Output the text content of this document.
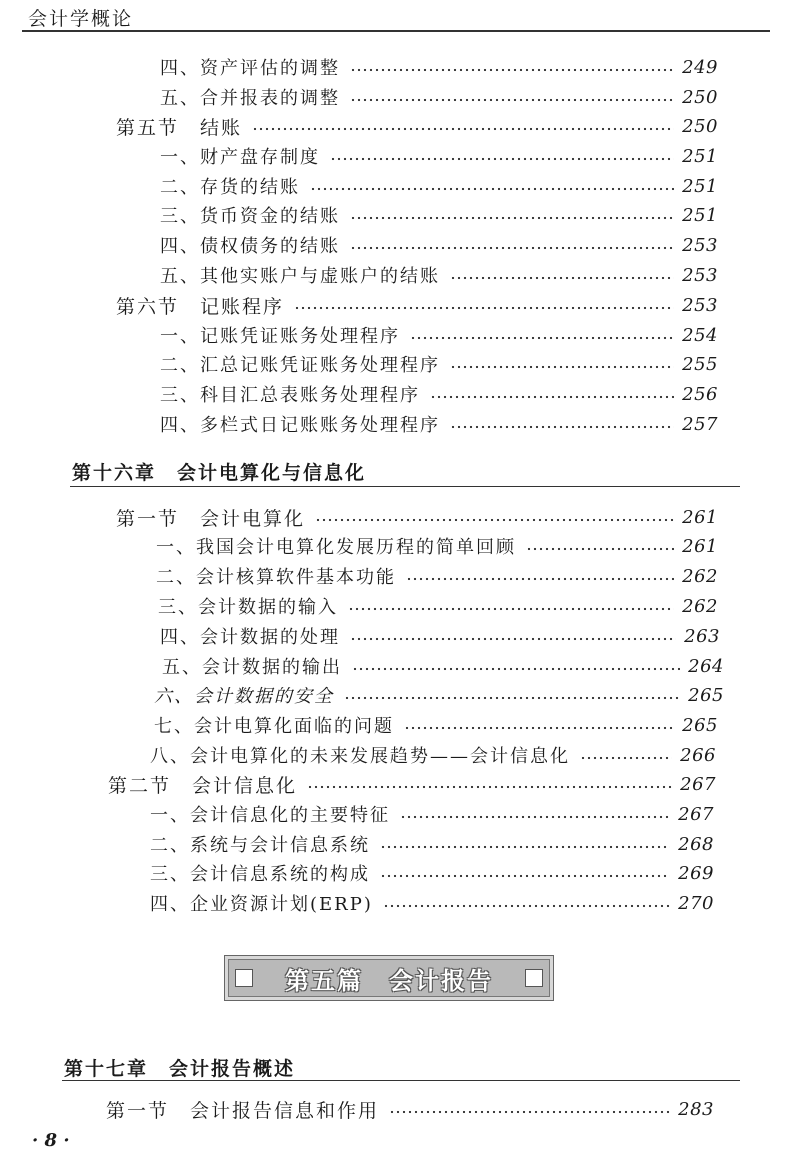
会计学概论
四、资产评估的调整	249
五、合并报表的调整	250
第五节　结账	250
一、财产盘存制度	251
二、存货的结账	251
三、货币资金的结账	251
四、债权债务的结账	253
五、其他实账户与虚账户的结账	253
第六节　记账程序	253
一、记账凭证账务处理程序	254
二、汇总记账凭证账务处理程序	255
三、科目汇总表账务处理程序	256
四、多栏式日记账账务处理程序	257
第十六章　会计电算化与信息化
第一节　会计电算化	261
一、我国会计电算化发展历程的简单回顾	261
二、会计核算软件基本功能	262
三、会计数据的输入	262
四、会计数据的处理	263
五、会计数据的输出	264
六、会计数据的安全	265
七、会计电算化面临的问题	265
八、会计电算化的未来发展趋势——会计信息化	266
第二节　会计信息化	267
一、会计信息化的主要特征	267
二、系统与会计信息系统	268
三、会计信息系统的构成	269
四、企业资源计划(ERP)	270
第五篇　会计报告
第十七章　会计报告概述
第一节　会计报告信息和作用	283
· 8 ·
